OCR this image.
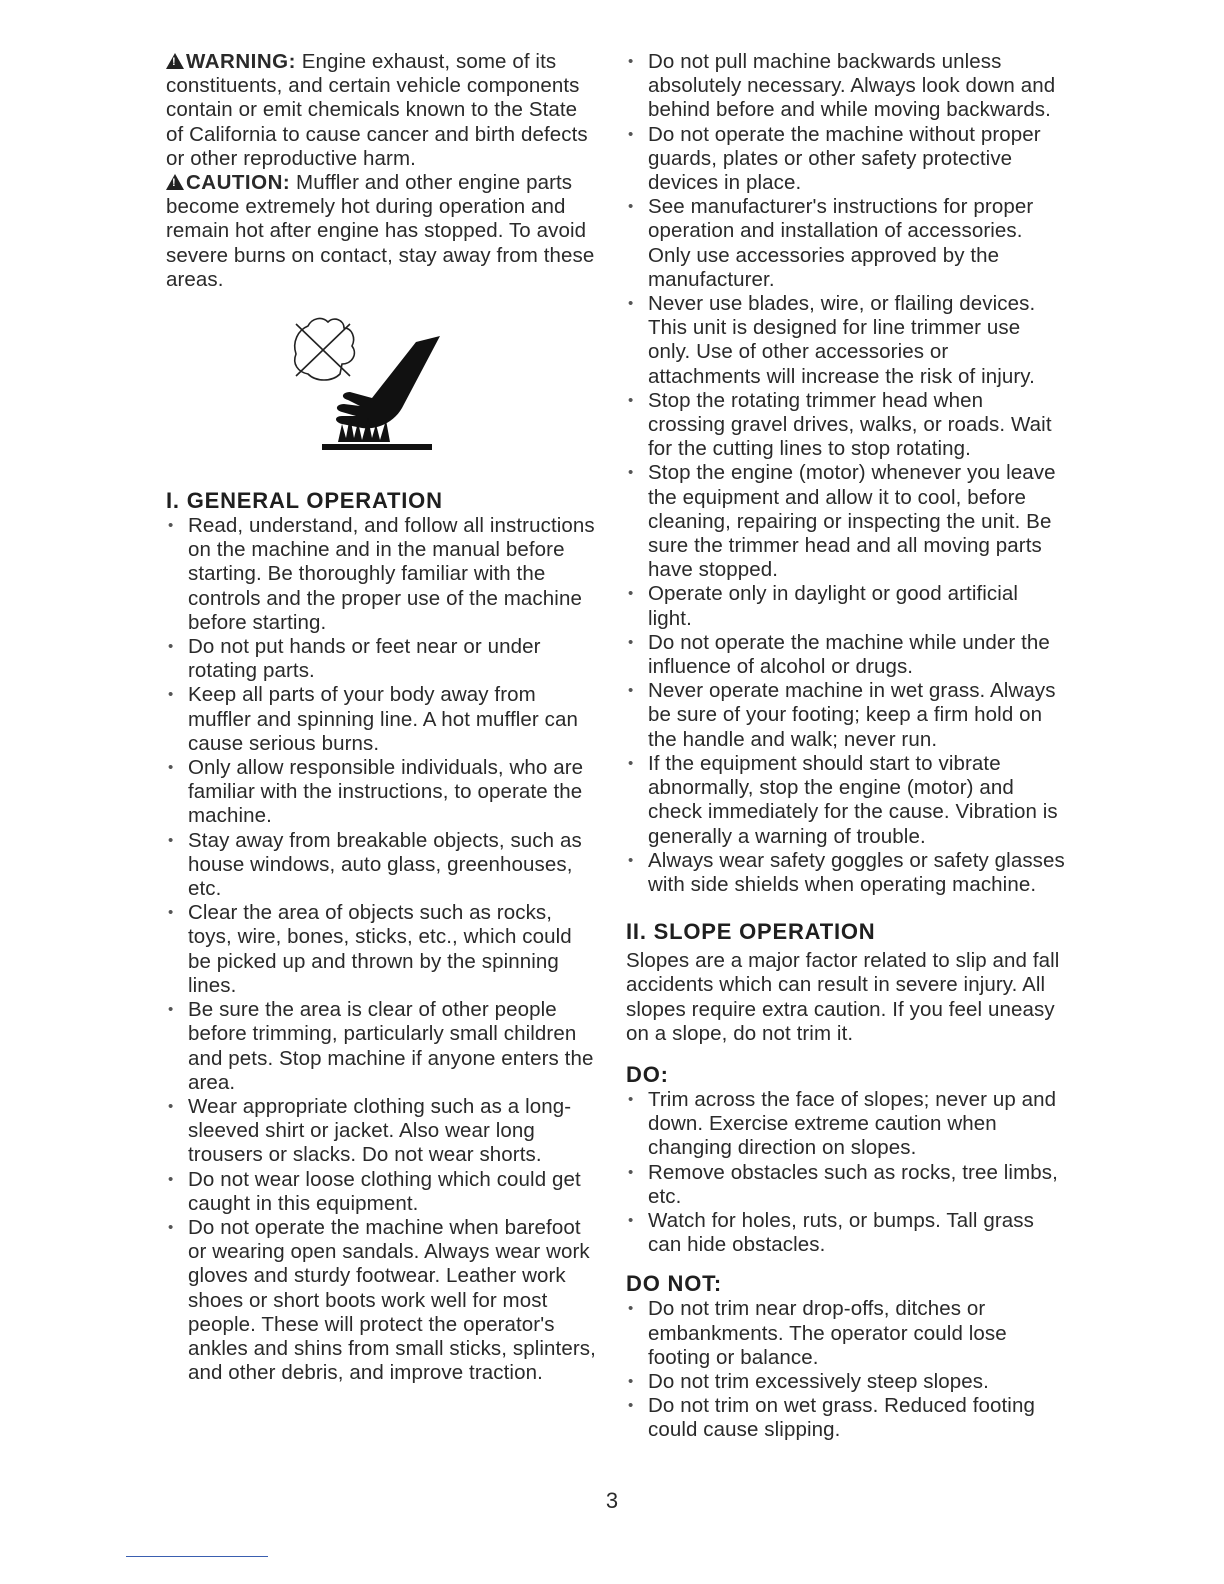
!WARNING: Engine exhaust, some of its constituents, and certain vehicle components contain or emit chemicals known to the State of California to cause cancer and birth defects or other reproductive harm.

!CAUTION: Muffler and other engine parts become extremely hot during operation and remain hot after engine has stopped. To avoid severe burns on contact, stay away from these areas.

I. GENERAL OPERATION
• Read, understand, and follow all instructions on the machine and in the manual before starting. Be thoroughly familiar with the controls and the proper use of the machine before starting.
• Do not put hands or feet near or under rotating parts.
• Keep all parts of your body away from muffler and spinning line. A hot muffler can cause serious burns.
• Only allow responsible individuals, who are familiar with the instructions, to operate the machine.
• Stay away from breakable objects, such as house windows, auto glass, greenhouses, etc.
• Clear the area of objects such as rocks, toys, wire, bones, sticks, etc., which could be picked up and thrown by the spinning lines.
• Be sure the area is clear of other people before trimming, particularly small children and pets. Stop machine if anyone enters the area.
• Wear appropriate clothing such as a long-sleeved shirt or jacket. Also wear long trousers or slacks. Do not wear shorts.
• Do not wear loose clothing which could get caught in this equipment.
• Do not operate the machine when barefoot or wearing open sandals. Always wear work gloves and sturdy footwear. Leather work shoes or short boots work well for most people. These will protect the operator's ankles and shins from small sticks, splinters, and other debris, and improve traction.
• Do not pull machine backwards unless absolutely necessary. Always look down and behind before and while moving backwards.
• Do not operate the machine without proper guards, plates or other safety protective devices in place.
• See manufacturer's instructions for proper operation and installation of accessories. Only use accessories approved by the manufacturer.
• Never use blades, wire, or flailing devices. This unit is designed for line trimmer use only. Use of other accessories or attachments will increase the risk of injury.
• Stop the rotating trimmer head when crossing gravel drives, walks, or roads. Wait for the cutting lines to stop rotating.
• Stop the engine (motor) whenever you leave the equipment and allow it to cool, before cleaning, repairing or inspecting the unit. Be sure the trimmer head and all moving parts have stopped.
• Operate only in daylight or good artificial light.
• Do not operate the machine while under the influence of alcohol or drugs.
• Never operate machine in wet grass. Always be sure of your footing; keep a firm hold on the handle and walk; never run.
• If the equipment should start to vibrate abnormally, stop the engine (motor) and check immediately for the cause. Vibration is generally a warning of trouble.
• Always wear safety goggles or safety glasses with side shields when operating machine.
II. SLOPE OPERATION

Slopes are a major factor related to slip and fall accidents which can result in severe injury. All slopes require extra caution. If you feel uneasy on a slope, do not trim it.

DO:
• Trim across the face of slopes; never up and down. Exercise extreme caution when changing direction on slopes.
• Remove obstacles such as rocks, tree limbs, etc.
• Watch for holes, ruts, or bumps. Tall grass can hide obstacles.
DO NOT:
• Do not trim near drop-offs, ditches or embankments. The operator could lose footing or balance.
• Do not trim excessively steep slopes.
• Do not trim on wet grass. Reduced footing could cause slipping.
3
